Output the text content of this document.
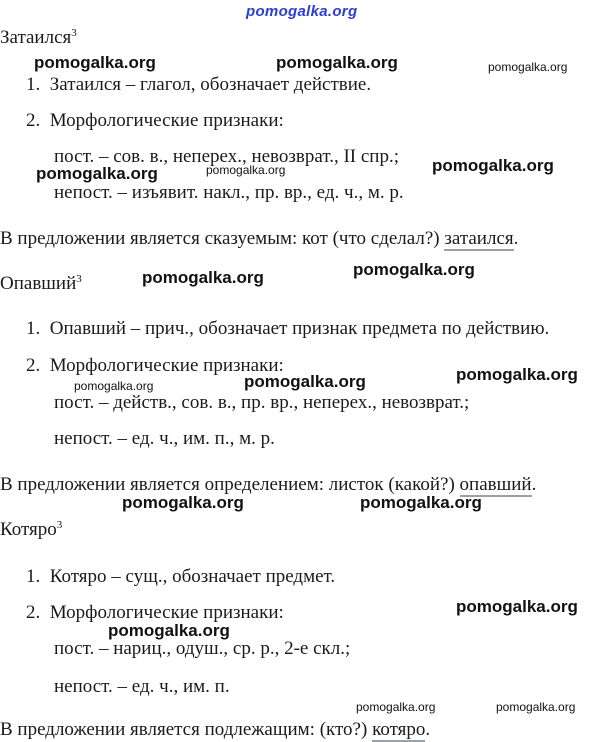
pomogalka.org
Затаился$^3$
1.  Затаился – глагол, обозначает действие.
2.  Морфологические признаки:
пост. – сов. в., неперех., невозврат., II спр.;
непост. – изъявит. накл., пр. вр., ед. ч., м. р.
В предложении является сказуемым: кот (что сделал?) затаился.
Опавший$^3$
1.  Опавший – прич., обозначает признак предмета по действию.
2.  Морфологические признаки:
пост. – действ., сов. в., пр. вр., неперех., невозврат.;
непост. – ед. ч., им. п., м. р.
В предложении является определением: листок (какой?) опавший.
Котяро$^3$
1.  Котяро – сущ., обозначает предмет.
2.  Морфологические признаки:
пост. – нариц., одуш., ср. р., 2-е скл.;
непост. – ед. ч., им. п.
В предложении является подлежащим: (кто?) котяро.
pomogalka.org	pomogalka.org	pomogalka.org
pomogalka.org	pomogalka.org	pomogalka.org
pomogalka.org	pomogalka.org
pomogalka.org	pomogalka.org
pomogalka.org
pomogalka.org	pomogalka.org
pomogalka.org
pomogalka.org
pomogalka.org	pomogalka.org
